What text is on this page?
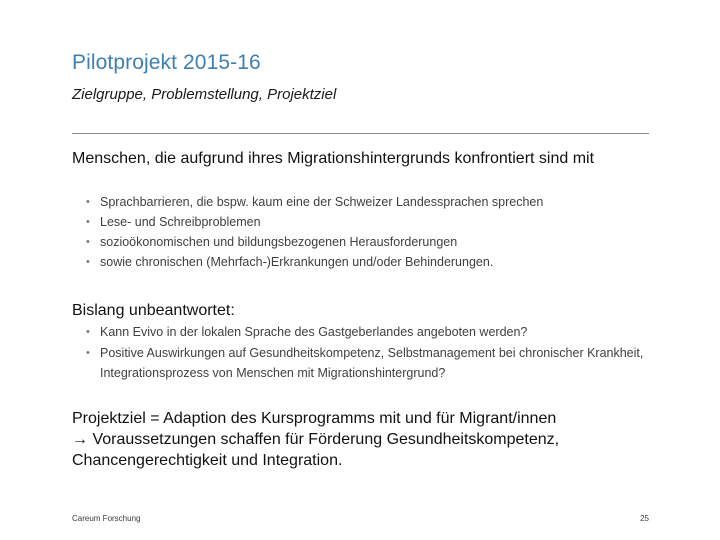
Pilotprojekt 2015-16
Zielgruppe, Problemstellung, Projektziel
Menschen, die aufgrund ihres Migrationshintergrunds konfrontiert sind mit
• Sprachbarrieren, die bspw. kaum eine der Schweizer Landessprachen sprechen
• Lese- und Schreibproblemen
• sozioökonomischen und bildungsbezogenen Herausforderungen
• sowie chronischen (Mehrfach-)Erkrankungen und/oder Behinderungen.
Bislang unbeantwortet:
• Kann Evivo in der lokalen Sprache des Gastgeberlandes angeboten werden?
• Positive Auswirkungen auf Gesundheitskompetenz, Selbstmanagement bei chronischer Krankheit, Integrationsprozess von Menschen mit Migrationshintergrund?
Projektziel = Adaption des Kursprogramms mit und für Migrant/innen
→ Voraussetzungen schaffen für Förderung Gesundheitskompetenz,
Chancengerechtigkeit und Integration.
Careum Forschung	25
